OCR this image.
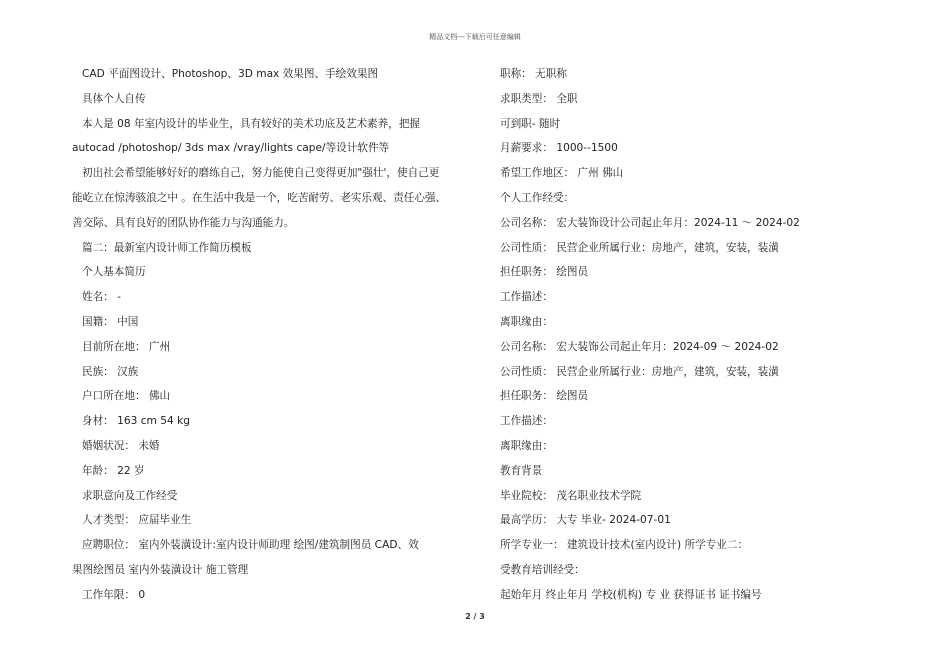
精品文档---下载后可任意编辑
CAD 平面图设计、Photoshop、3D max 效果图、手绘效果图
具体个人自传
本人是 08 年室内设计的毕业生，具有较好的美术功底及艺术素养，把握
autocad /photoshop/ 3ds max /vray/lights cape/等设计软件等
初出社会希望能够好好的磨练自己，努力能使自己变得更加"强壮'，使自己更
能屹立在惊涛骇浪之中 。在生活中我是一个，吃苦耐劳、老实乐观、责任心强、
善交际、具有良好的团队协作能力与沟通能力。
篇二：最新室内设计师工作简历模板
个人基本简历
姓名： -
国籍： 中国
目前所在地： 广州
民族： 汉族
户口所在地： 佛山
身材： 163 cm 54 kg
婚姻状况： 未婚
年龄： 22 岁
求职意向及工作经受
人才类型： 应届毕业生
应聘职位： 室内外装潢设计:室内设计师助理 绘图/建筑制图员 CAD、效
果图绘图员 室内外装潢设计 施工管理
工作年限： 0
职称： 无职称
求职类型： 全职
可到职- 随时
月薪要求： 1000--1500
希望工作地区： 广州 佛山
个人工作经受：
公司名称： 宏大装饰设计公司起止年月：2024-11 ～ 2024-02
公司性质： 民营企业所属行业：房地产，建筑，安装，装潢
担任职务： 绘图员
工作描述：
离职缘由：
公司名称： 宏大装饰公司起止年月：2024-09 ～ 2024-02
公司性质： 民营企业所属行业：房地产，建筑，安装，装潢
担任职务： 绘图员
工作描述：
离职缘由：
教育背景
毕业院校： 茂名职业技术学院
最高学历： 大专 毕业- 2024-07-01
所学专业一： 建筑设计技术(室内设计) 所学专业二：
受教育培训经受：
起始年月 终止年月 学校(机构) 专 业 获得证书 证书编号
2 / 3
